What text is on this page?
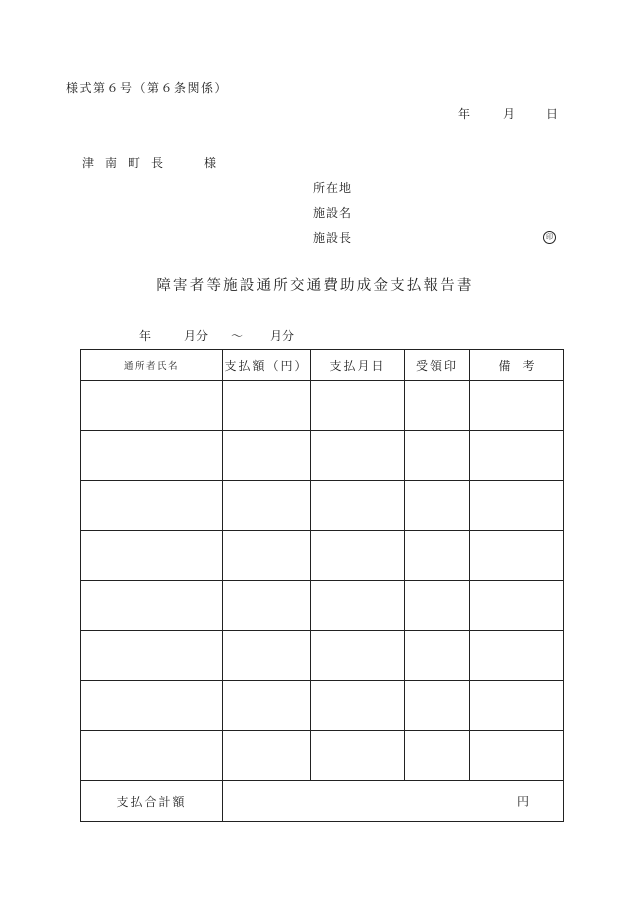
様式第６号（第６条関係）
年	月	日
津 南 町 長	様
所在地
施設名
施設長	印
障害者等施設通所交通費助成金支払報告書
年	月分 ～ 月分
通所者氏名	支払額（円）	支払月日	受領印	備　考

支払合計額	円			
